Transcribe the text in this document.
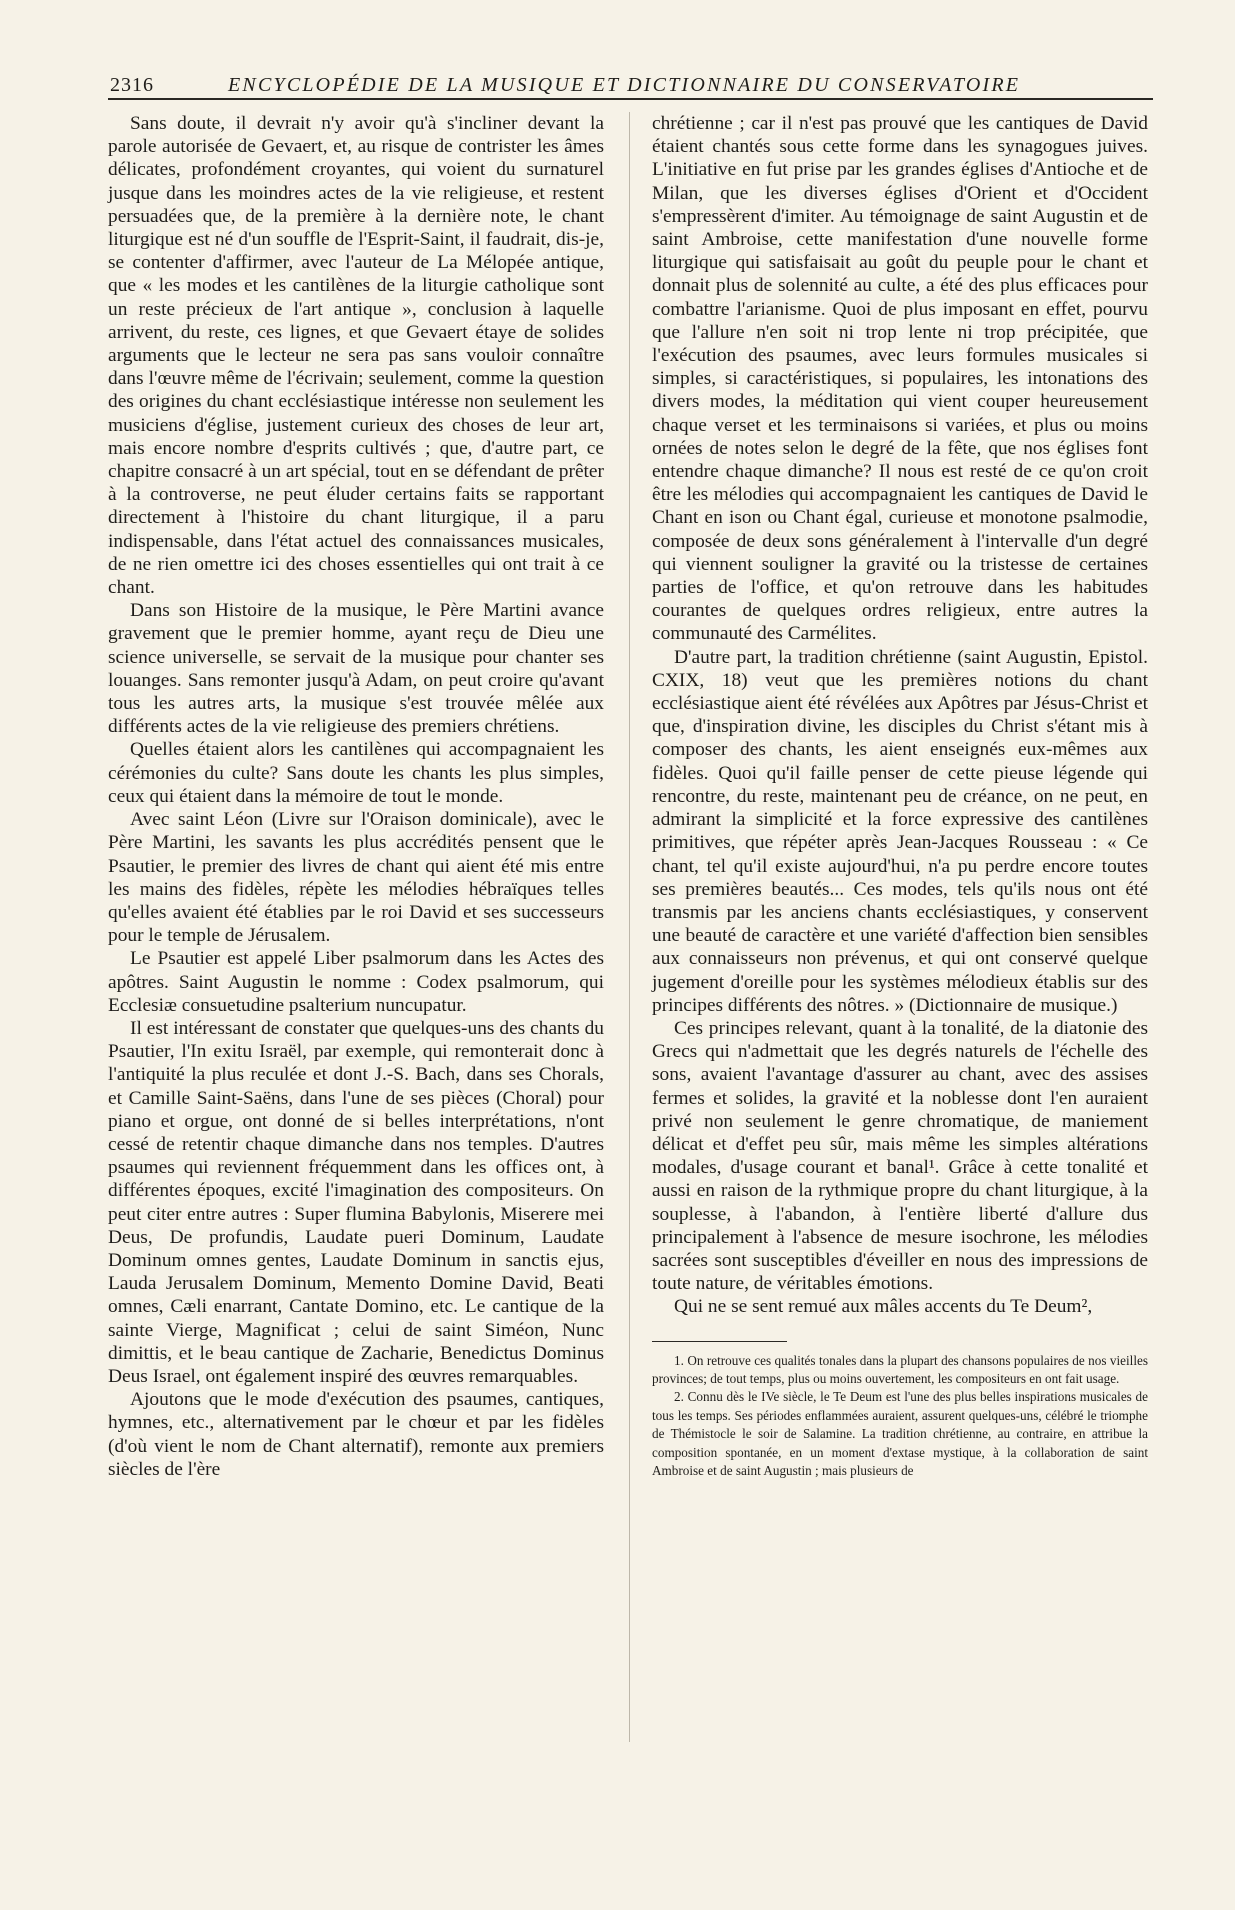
2316	ENCYCLOPÉDIE DE LA MUSIQUE ET DICTIONNAIRE DU CONSERVATOIRE

Sans doute, il devrait n'y avoir qu'à s'incliner devant la parole autorisée de Gevaert, et, au risque de contrister les âmes délicates, profondément croyantes, qui voient du surnaturel jusque dans les moindres actes de la vie religieuse, et restent persuadées que, de la première à la dernière note, le chant liturgique est né d'un souffle de l'Esprit-Saint, il faudrait, dis-je, se contenter d'affirmer, avec l'auteur de La Mélopée antique, que « les modes et les cantilènes de la liturgie catholique sont un reste précieux de l'art antique », conclusion à laquelle arrivent, du reste, ces lignes, et que Gevaert étaye de solides arguments que le lecteur ne sera pas sans vouloir connaître dans l'œuvre même de l'écrivain; seulement, comme la question des origines du chant ecclésiastique intéresse non seulement les musiciens d'église, justement curieux des choses de leur art, mais encore nombre d'esprits cultivés ; que, d'autre part, ce chapitre consacré à un art spécial, tout en se défendant de prêter à la controverse, ne peut éluder certains faits se rapportant directement à l'histoire du chant liturgique, il a paru indispensable, dans l'état actuel des connaissances musicales, de ne rien omettre ici des choses essentielles qui ont trait à ce chant.

Dans son Histoire de la musique, le Père Martini avance gravement que le premier homme, ayant reçu de Dieu une science universelle, se servait de la musique pour chanter ses louanges. Sans remonter jusqu'à Adam, on peut croire qu'avant tous les autres arts, la musique s'est trouvée mêlée aux différents actes de la vie religieuse des premiers chrétiens.

Quelles étaient alors les cantilènes qui accompagnaient les cérémonies du culte? Sans doute les chants les plus simples, ceux qui étaient dans la mémoire de tout le monde.

Avec saint Léon (Livre sur l'Oraison dominicale), avec le Père Martini, les savants les plus accrédités pensent que le Psautier, le premier des livres de chant qui aient été mis entre les mains des fidèles, répète les mélodies hébraïques telles qu'elles avaient été établies par le roi David et ses successeurs pour le temple de Jérusalem.

Le Psautier est appelé Liber psalmorum dans les Actes des apôtres. Saint Augustin le nomme : Codex psalmorum, qui Ecclesiæ consuetudine psalterium nuncupatur.

Il est intéressant de constater que quelques-uns des chants du Psautier, l'In exitu Israël, par exemple, qui remonterait donc à l'antiquité la plus reculée et dont J.-S. Bach, dans ses Chorals, et Camille Saint-Saëns, dans l'une de ses pièces (Choral) pour piano et orgue, ont donné de si belles interprétations, n'ont cessé de retentir chaque dimanche dans nos temples. D'autres psaumes qui reviennent fréquemment dans les offices ont, à différentes époques, excité l'imagination des compositeurs. On peut citer entre autres : Super flumina Babylonis, Miserere mei Deus, De profundis, Laudate pueri Dominum, Laudate Dominum omnes gentes, Laudate Dominum in sanctis ejus, Lauda Jerusalem Dominum, Memento Domine David, Beati omnes, Cæli enarrant, Cantate Domino, etc. Le cantique de la sainte Vierge, Magnificat ; celui de saint Siméon, Nunc dimittis, et le beau cantique de Zacharie, Benedictus Dominus Deus Israel, ont également inspiré des œuvres remarquables.

Ajoutons que le mode d'exécution des psaumes, cantiques, hymnes, etc., alternativement par le chœur et par les fidèles (d'où vient le nom de Chant alternatif), remonte aux premiers siècles de l'ère

chrétienne ; car il n'est pas prouvé que les cantiques de David étaient chantés sous cette forme dans les synagogues juives. L'initiative en fut prise par les grandes églises d'Antioche et de Milan, que les diverses églises d'Orient et d'Occident s'empressèrent d'imiter. Au témoignage de saint Augustin et de saint Ambroise, cette manifestation d'une nouvelle forme liturgique qui satisfaisait au goût du peuple pour le chant et donnait plus de solennité au culte, a été des plus efficaces pour combattre l'arianisme. Quoi de plus imposant en effet, pourvu que l'allure n'en soit ni trop lente ni trop précipitée, que l'exécution des psaumes, avec leurs formules musicales si simples, si caractéristiques, si populaires, les intonations des divers modes, la méditation qui vient couper heureusement chaque verset et les terminaisons si variées, et plus ou moins ornées de notes selon le degré de la fête, que nos églises font entendre chaque dimanche? Il nous est resté de ce qu'on croit être les mélodies qui accompagnaient les cantiques de David le Chant en ison ou Chant égal, curieuse et monotone psalmodie, composée de deux sons généralement à l'intervalle d'un degré qui viennent souligner la gravité ou la tristesse de certaines parties de l'office, et qu'on retrouve dans les habitudes courantes de quelques ordres religieux, entre autres la communauté des Carmélites.

D'autre part, la tradition chrétienne (saint Augustin, Epistol. CXIX, 18) veut que les premières notions du chant ecclésiastique aient été révélées aux Apôtres par Jésus-Christ et que, d'inspiration divine, les disciples du Christ s'étant mis à composer des chants, les aient enseignés eux-mêmes aux fidèles. Quoi qu'il faille penser de cette pieuse légende qui rencontre, du reste, maintenant peu de créance, on ne peut, en admirant la simplicité et la force expressive des cantilènes primitives, que répéter après Jean-Jacques Rousseau : « Ce chant, tel qu'il existe aujourd'hui, n'a pu perdre encore toutes ses premières beautés... Ces modes, tels qu'ils nous ont été transmis par les anciens chants ecclésiastiques, y conservent une beauté de caractère et une variété d'affection bien sensibles aux connaisseurs non prévenus, et qui ont conservé quelque jugement d'oreille pour les systèmes mélodieux établis sur des principes différents des nôtres. » (Dictionnaire de musique.)

Ces principes relevant, quant à la tonalité, de la diatonie des Grecs qui n'admettait que les degrés naturels de l'échelle des sons, avaient l'avantage d'assurer au chant, avec des assises fermes et solides, la gravité et la noblesse dont l'en auraient privé non seulement le genre chromatique, de maniement délicat et d'effet peu sûr, mais même les simples altérations modales, d'usage courant et banal¹. Grâce à cette tonalité et aussi en raison de la rythmique propre du chant liturgique, à la souplesse, à l'abandon, à l'entière liberté d'allure dus principalement à l'absence de mesure isochrone, les mélodies sacrées sont susceptibles d'éveiller en nous des impressions de toute nature, de véritables émotions.

Qui ne se sent remué aux mâles accents du Te Deum²,

1. On retrouve ces qualités tonales dans la plupart des chansons populaires de nos vieilles provinces; de tout temps, plus ou moins ouvertement, les compositeurs en ont fait usage.

2. Connu dès le IVe siècle, le Te Deum est l'une des plus belles inspirations musicales de tous les temps. Ses périodes enflammées auraient, assurent quelques-uns, célébré le triomphe de Thémistocle le soir de Salamine. La tradition chrétienne, au contraire, en attribue la composition spontanée, en un moment d'extase mystique, à la collaboration de saint Ambroise et de saint Augustin ; mais plusieurs de
